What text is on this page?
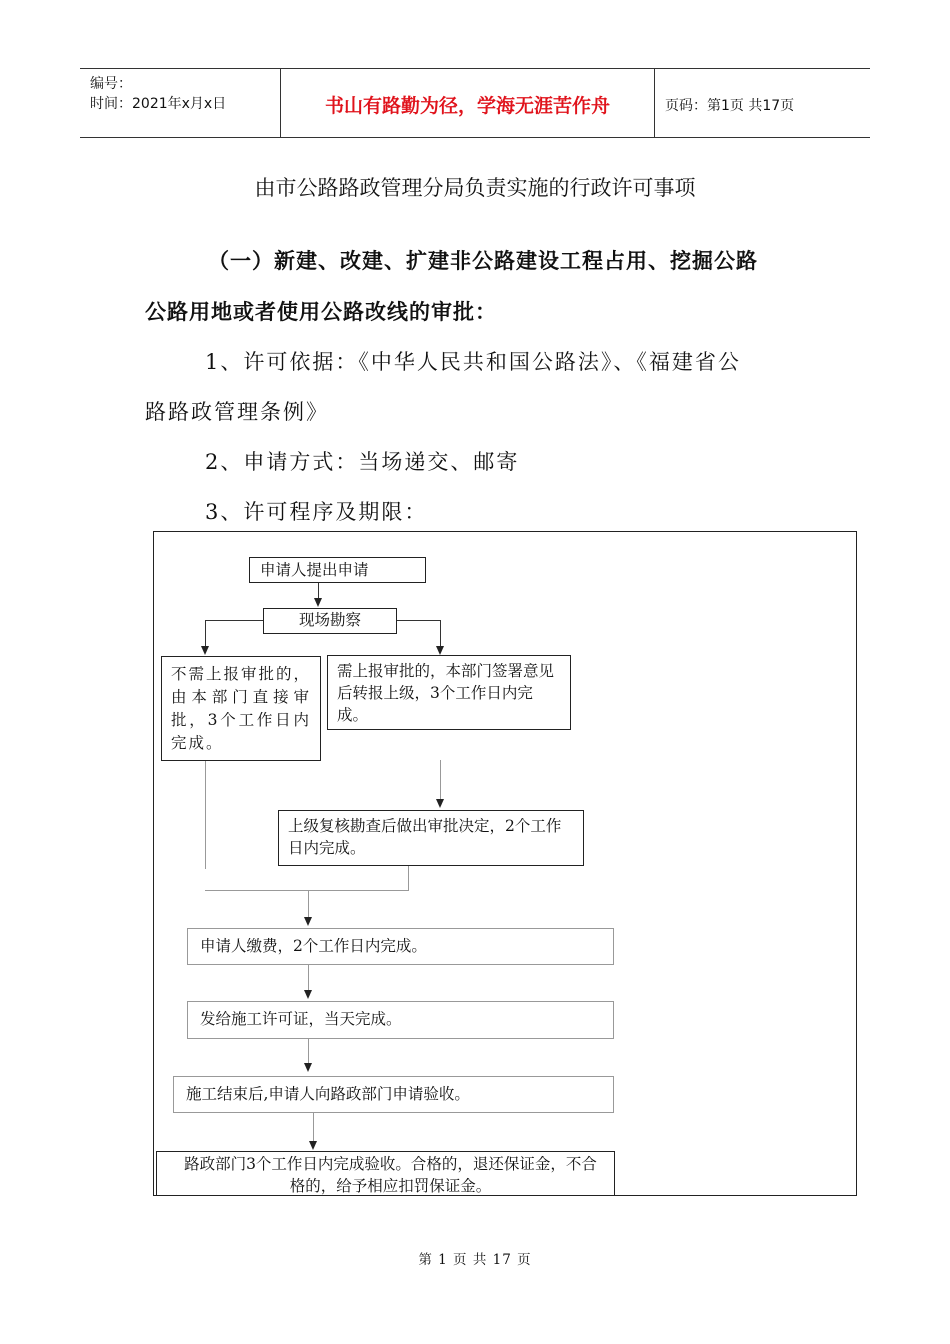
编号：
时间：2021年x月x日	书山有路勤为径，学海无涯苦作舟	页码：第1页 共17页
由市公路路政管理分局负责实施的行政许可事项
（一）新建、改建、扩建非公路建设工程占用、挖掘公路
公路用地或者使用公路改线的审批：
1、许可依据：《中华人民共和国公路法》、《福建省公
路路政管理条例》
2、申请方式：当场递交、邮寄
3、许可程序及期限：
申请人提出申请
现场勘察
不需上报审批的，由本部门直接审批，3个工作日内完成。
需上报审批的，本部门签署意见后转报上级，3个工作日内完成。
上级复核勘查后做出审批决定，2个工作日内完成。
申请人缴费，2个工作日内完成。
发给施工许可证，当天完成。
施工结束后,申请人向路政部门申请验收。
路政部门3个工作日内完成验收。合格的，退还保证金，不合格的，给予相应扣罚保证金。
第 1 页 共 17 页
